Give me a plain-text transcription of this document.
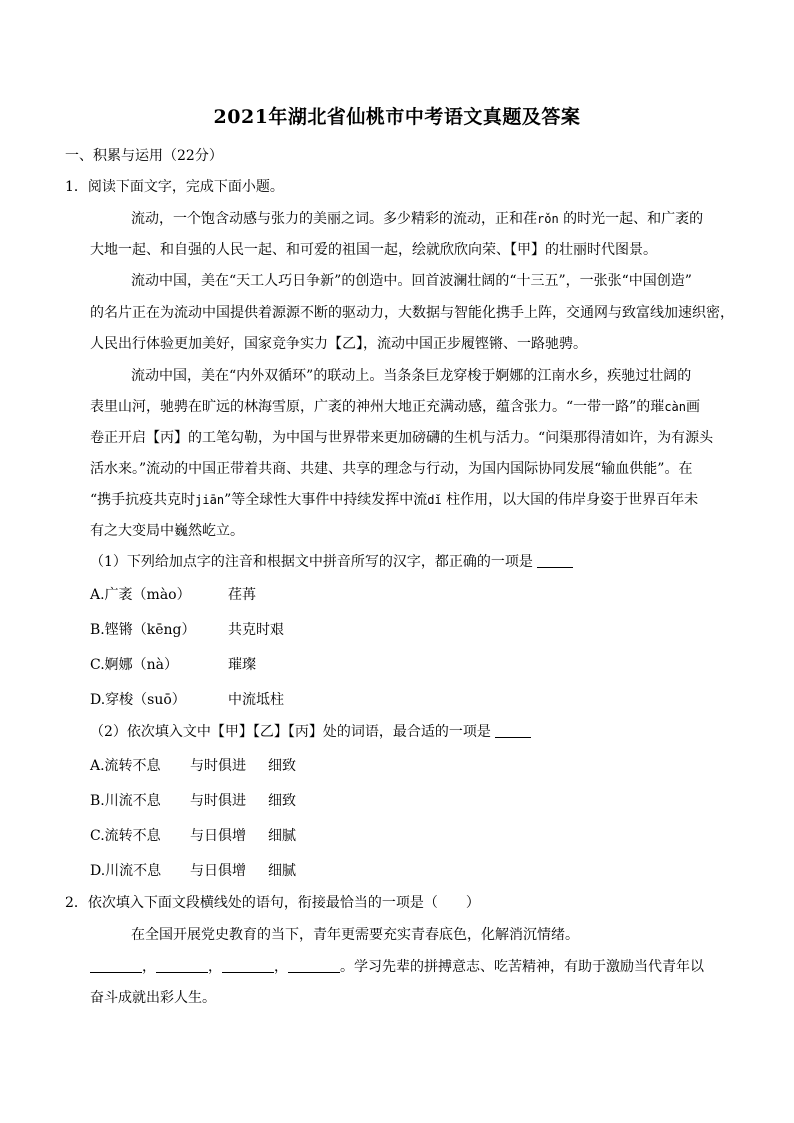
2021年湖北省仙桃市中考语文真题及答案
一、积累与运用（22分）
1．阅读下面文字，完成下面小题。
流动，一个饱含动感与张力的美丽之词。多少精彩的流动，正和荏rǒn 的时光一起、和广袤的
大地一起、和自强的人民一起、和可爱的祖国一起，绘就欣欣向荣、【甲】的壮丽时代图景。
流动中国，美在“天工人巧日争新”的创造中。回首波澜壮阔的“十三五”，一张张“中国创造”
的名片正在为流动中国提供着源源不断的驱动力，大数据与智能化携手上阵，交通网与致富线加速织密，
人民出行体验更加美好，国家竞争实力【乙】，流动中国正步履铿锵、一路驰骋。
流动中国，美在“内外双循环”的联动上。当条条巨龙穿梭于婀娜的江南水乡，疾驰过壮阔的
表里山河，驰骋在旷远的林海雪原，广袤的神州大地正充满动感，蕴含张力。“一带一路”的璀càn画
卷正开启【丙】的工笔勾勒，为中国与世界带来更加磅礴的生机与活力。“问渠那得清如许，为有源头
活水来。”流动的中国正带着共商、共建、共享的理念与行动，为国内国际协同发展“输血供能”。在
“携手抗疫共克时jiān”等全球性大事件中持续发挥中流dǐ 柱作用，以大国的伟岸身姿于世界百年未
有之大变局中巍然屹立。
（1）下列给加点字的注音和根据文中拼音所写的汉字，都正确的一项是
A.广袤（mào）	荏苒
B.铿锵（kēng） 共克时艰
C.婀娜（nà）	璀璨
D.穿梭（suō）	中流坻柱
（2）依次填入文中【甲】【乙】【丙】处的词语，最合适的一项是
A.流转不息 与时俱进 细致
B.川流不息 与时俱进 细致
C.流转不息 与日俱增 细腻
D.川流不息 与日俱增 细腻
2．依次填入下面文段横线处的语句，衔接最恰当的一项是（　　）
在全国开展党史教育的当下，青年更需要充实青春底色，化解消沉情绪。
，	，	，	。学习先辈的拼搏意志、吃苦精神，有助于激励当代青年以
奋斗成就出彩人生。
